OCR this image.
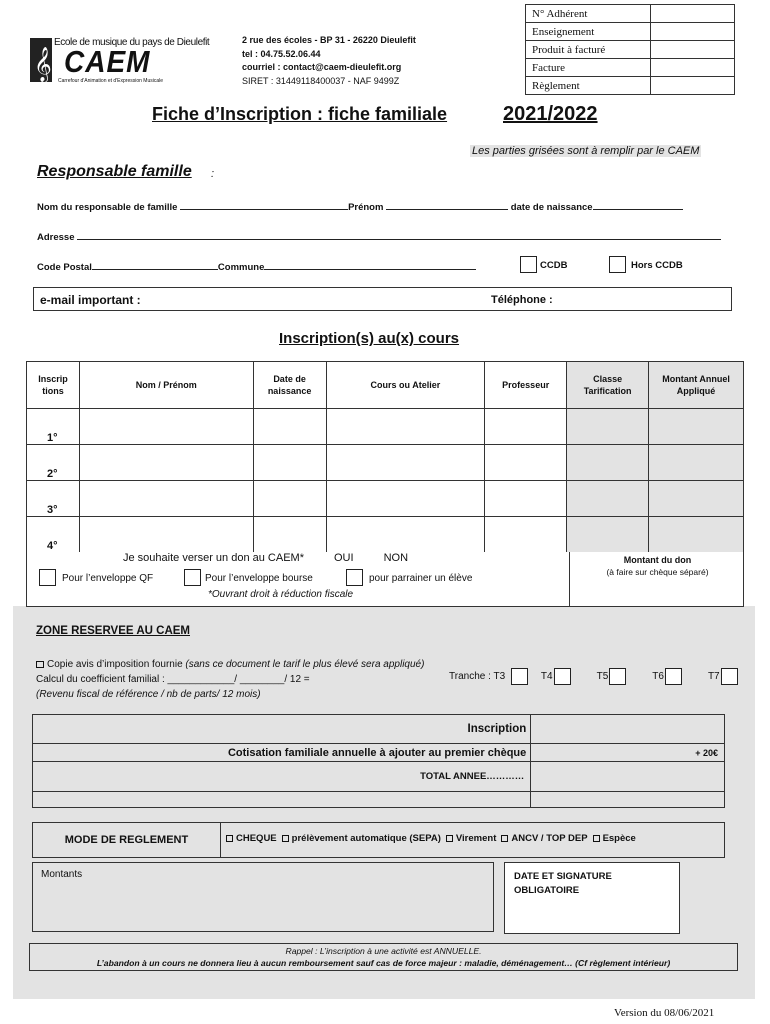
𝄞
Ecole de musique du pays de Dieulefit
CAEM
Carrefour d'Animation et d'Expression Musicale
2 rue des écoles - BP 31 - 26220 Dieulefit
tel : 04.75.52.06.44
courriel : contact@caem-dieulefit.org
SIRET : 31449118400037 - NAF 9499Z
N° Adhérent	
Enseignement	
Produit à facturé	
Facture	
Règlement	
Fiche d’Inscription : fiche familiale	2021/2022
Les parties grisées sont à remplir par le CAEM
Responsable famille :
Nom du responsable de famille	Prénom	date de naissance
Adresse
Code Postal	Commune	CCDB	Hors CCDB
e-mail important :	Téléphone :
Inscription(s) au(x) cours
Inscrip tions	Nom / Prénom	Date de naissance	Cours ou Atelier	Professeur	Classe Tarification	Montant Annuel Appliqué
1°						
2°						
3°						
4°						
Je souhaite verser un don au CAEM*	OUI	NON
Pour l’enveloppe QF	Pour l’enveloppe bourse	pour parrainer un élève
*Ouvrant droit à réduction fiscale
Montant du don
(à faire sur chèque séparé)
ZONE RESERVEE AU CAEM
Copie avis d’imposition fournie (sans ce document le tarif le plus élevé sera appliqué)
Calcul du coefficient familial : ____________/ ________/ 12 =
(Revenu fiscal de référence / nb de parts/ 12 mois)
Tranche : T3	T4	T5	T6	T7
Inscription	
Cotisation familiale annuelle à ajouter au premier chèque	+ 20€
TOTAL ANNEE…………	

MODE DE REGLEMENT	CHEQUE prélèvement automatique (SEPA) Virement ANCV / TOP DEP Espèce
Montants	DATE ET SIGNATURE OBLIGATOIRE
Rappel : L’inscription à une activité est ANNUELLE.
L’abandon à un cours ne donnera lieu à aucun remboursement sauf cas de force majeur : maladie, déménagement… (Cf règlement intérieur)
Version du 08/06/2021
